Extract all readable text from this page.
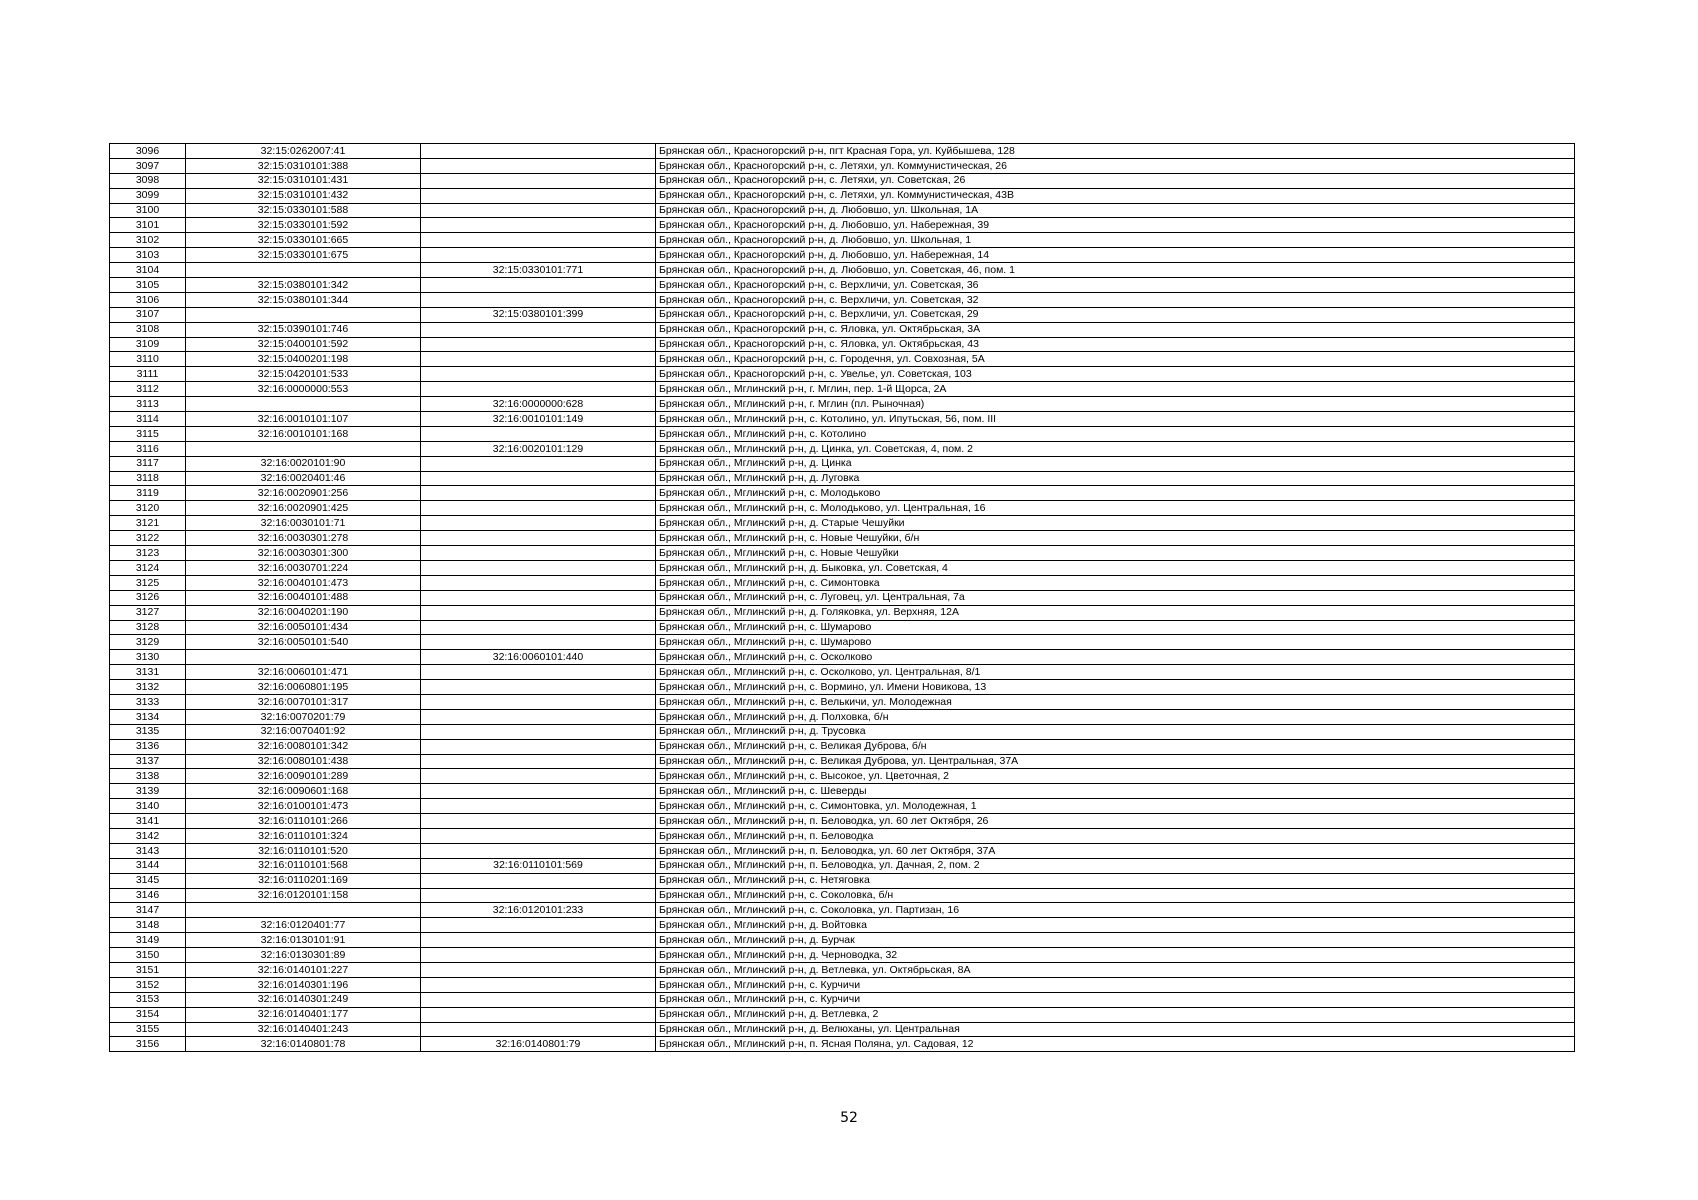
3096	32:15:0262007:41		Брянская обл., Красногорский р-н, пгт Красная Гора, ул. Куйбышева, 128
3097	32:15:0310101:388		Брянская обл., Красногорский р-н, с. Летяхи, ул. Коммунистическая, 26
3098	32:15:0310101:431		Брянская обл., Красногорский р-н, с. Летяхи, ул. Советская, 26
3099	32:15:0310101:432		Брянская обл., Красногорский р-н, с. Летяхи, ул. Коммунистическая, 43В
3100	32:15:0330101:588		Брянская обл., Красногорский р-н, д. Любовшо, ул. Школьная, 1А
3101	32:15:0330101:592		Брянская обл., Красногорский р-н, д. Любовшо, ул. Набережная, 39
3102	32:15:0330101:665		Брянская обл., Красногорский р-н, д. Любовшо, ул. Школьная, 1
3103	32:15:0330101:675		Брянская обл., Красногорский р-н, д. Любовшо, ул. Набережная, 14
3104		32:15:0330101:771	Брянская обл., Красногорский р-н, д. Любовшо, ул. Советская, 46, пом. 1
3105	32:15:0380101:342		Брянская обл., Красногорский р-н, с. Верхличи, ул. Советская, 36
3106	32:15:0380101:344		Брянская обл., Красногорский р-н, с. Верхличи, ул. Советская, 32
3107		32:15:0380101:399	Брянская обл., Красногорский р-н, с. Верхличи, ул. Советская, 29
3108	32:15:0390101:746		Брянская обл., Красногорский р-н, с. Яловка, ул. Октябрьская, 3А
3109	32:15:0400101:592		Брянская обл., Красногорский р-н, с. Яловка, ул. Октябрьская, 43
3110	32:15:0400201:198		Брянская обл., Красногорский р-н, с. Городечня, ул. Совхозная, 5А
3111	32:15:0420101:533		Брянская обл., Красногорский р-н, с. Увелье, ул. Советская, 103
3112	32:16:0000000:553		Брянская обл., Мглинский р-н, г. Мглин, пер. 1-й Щорса, 2А
3113		32:16:0000000:628	Брянская обл., Мглинский р-н, г. Мглин (пл. Рыночная)
3114	32:16:0010101:107	32:16:0010101:149	Брянская обл., Мглинский р-н, с. Котолино, ул. Ипутьская, 56, пом. III
3115	32:16:0010101:168		Брянская обл., Мглинский р-н, с. Котолино
3116		32:16:0020101:129	Брянская обл., Мглинский р-н, д. Цинка, ул. Советская, 4, пом. 2
3117	32:16:0020101:90		Брянская обл., Мглинский р-н, д. Цинка
3118	32:16:0020401:46		Брянская обл., Мглинский р-н, д. Луговка
3119	32:16:0020901:256		Брянская обл., Мглинский р-н, с. Молодьково
3120	32:16:0020901:425		Брянская обл., Мглинский р-н, с. Молодьково, ул. Центральная, 16
3121	32:16:0030101:71		Брянская обл., Мглинский р-н, д. Старые Чешуйки
3122	32:16:0030301:278		Брянская обл., Мглинский р-н, с. Новые Чешуйки, б/н
3123	32:16:0030301:300		Брянская обл., Мглинский р-н, с. Новые Чешуйки
3124	32:16:0030701:224		Брянская обл., Мглинский р-н, д. Быковка, ул. Советская, 4
3125	32:16:0040101:473		Брянская обл., Мглинский р-н, с. Симонтовка
3126	32:16:0040101:488		Брянская обл., Мглинский р-н, с. Луговец, ул. Центральная, 7а
3127	32:16:0040201:190		Брянская обл., Мглинский р-н, д. Голяковка, ул. Верхняя, 12А
3128	32:16:0050101:434		Брянская обл., Мглинский р-н, с. Шумарово
3129	32:16:0050101:540		Брянская обл., Мглинский р-н, с. Шумарово
3130		32:16:0060101:440	Брянская обл., Мглинский р-н, с. Осколково
3131	32:16:0060101:471		Брянская обл., Мглинский р-н, с. Осколково, ул. Центральная, 8/1
3132	32:16:0060801:195		Брянская обл., Мглинский р-н, с. Вормино, ул. Имени Новикова, 13
3133	32:16:0070101:317		Брянская обл., Мглинский р-н, с. Велькичи, ул. Молодежная
3134	32:16:0070201:79		Брянская обл., Мглинский р-н, д. Полховка, б/н
3135	32:16:0070401:92		Брянская обл., Мглинский р-н, д. Трусовка
3136	32:16:0080101:342		Брянская обл., Мглинский р-н, с. Великая Дуброва, б/н
3137	32:16:0080101:438		Брянская обл., Мглинский р-н, с. Великая Дуброва, ул. Центральная, 37А
3138	32:16:0090101:289		Брянская обл., Мглинский р-н, с. Высокое, ул. Цветочная, 2
3139	32:16:0090601:168		Брянская обл., Мглинский р-н, с. Шеверды
3140	32:16:0100101:473		Брянская обл., Мглинский р-н, с. Симонтовка, ул. Молодежная, 1
3141	32:16:0110101:266		Брянская обл., Мглинский р-н, п. Беловодка, ул. 60 лет Октября, 26
3142	32:16:0110101:324		Брянская обл., Мглинский р-н, п. Беловодка
3143	32:16:0110101:520		Брянская обл., Мглинский р-н, п. Беловодка, ул. 60 лет Октября, 37А
3144	32:16:0110101:568	32:16:0110101:569	Брянская обл., Мглинский р-н, п. Беловодка, ул. Дачная, 2, пом. 2
3145	32:16:0110201:169		Брянская обл., Мглинский р-н, с. Нетяговка
3146	32:16:0120101:158		Брянская обл., Мглинский р-н, с. Соколовка, б/н
3147		32:16:0120101:233	Брянская обл., Мглинский р-н, с. Соколовка, ул. Партизан, 16
3148	32:16:0120401:77		Брянская обл., Мглинский р-н, д. Войтовка
3149	32:16:0130101:91		Брянская обл., Мглинский р-н, д. Бурчак
3150	32:16:0130301:89		Брянская обл., Мглинский р-н, д. Черноводка, 32
3151	32:16:0140101:227		Брянская обл., Мглинский р-н, д. Ветлевка, ул. Октябрьская, 8А
3152	32:16:0140301:196		Брянская обл., Мглинский р-н, с. Курчичи
3153	32:16:0140301:249		Брянская обл., Мглинский р-н, с. Курчичи
3154	32:16:0140401:177		Брянская обл., Мглинский р-н, д. Ветлевка, 2
3155	32:16:0140401:243		Брянская обл., Мглинский р-н, д. Велюханы, ул. Центральная
3156	32:16:0140801:78	32:16:0140801:79	Брянская обл., Мглинский р-н, п. Ясная Поляна, ул. Садовая, 12
52
